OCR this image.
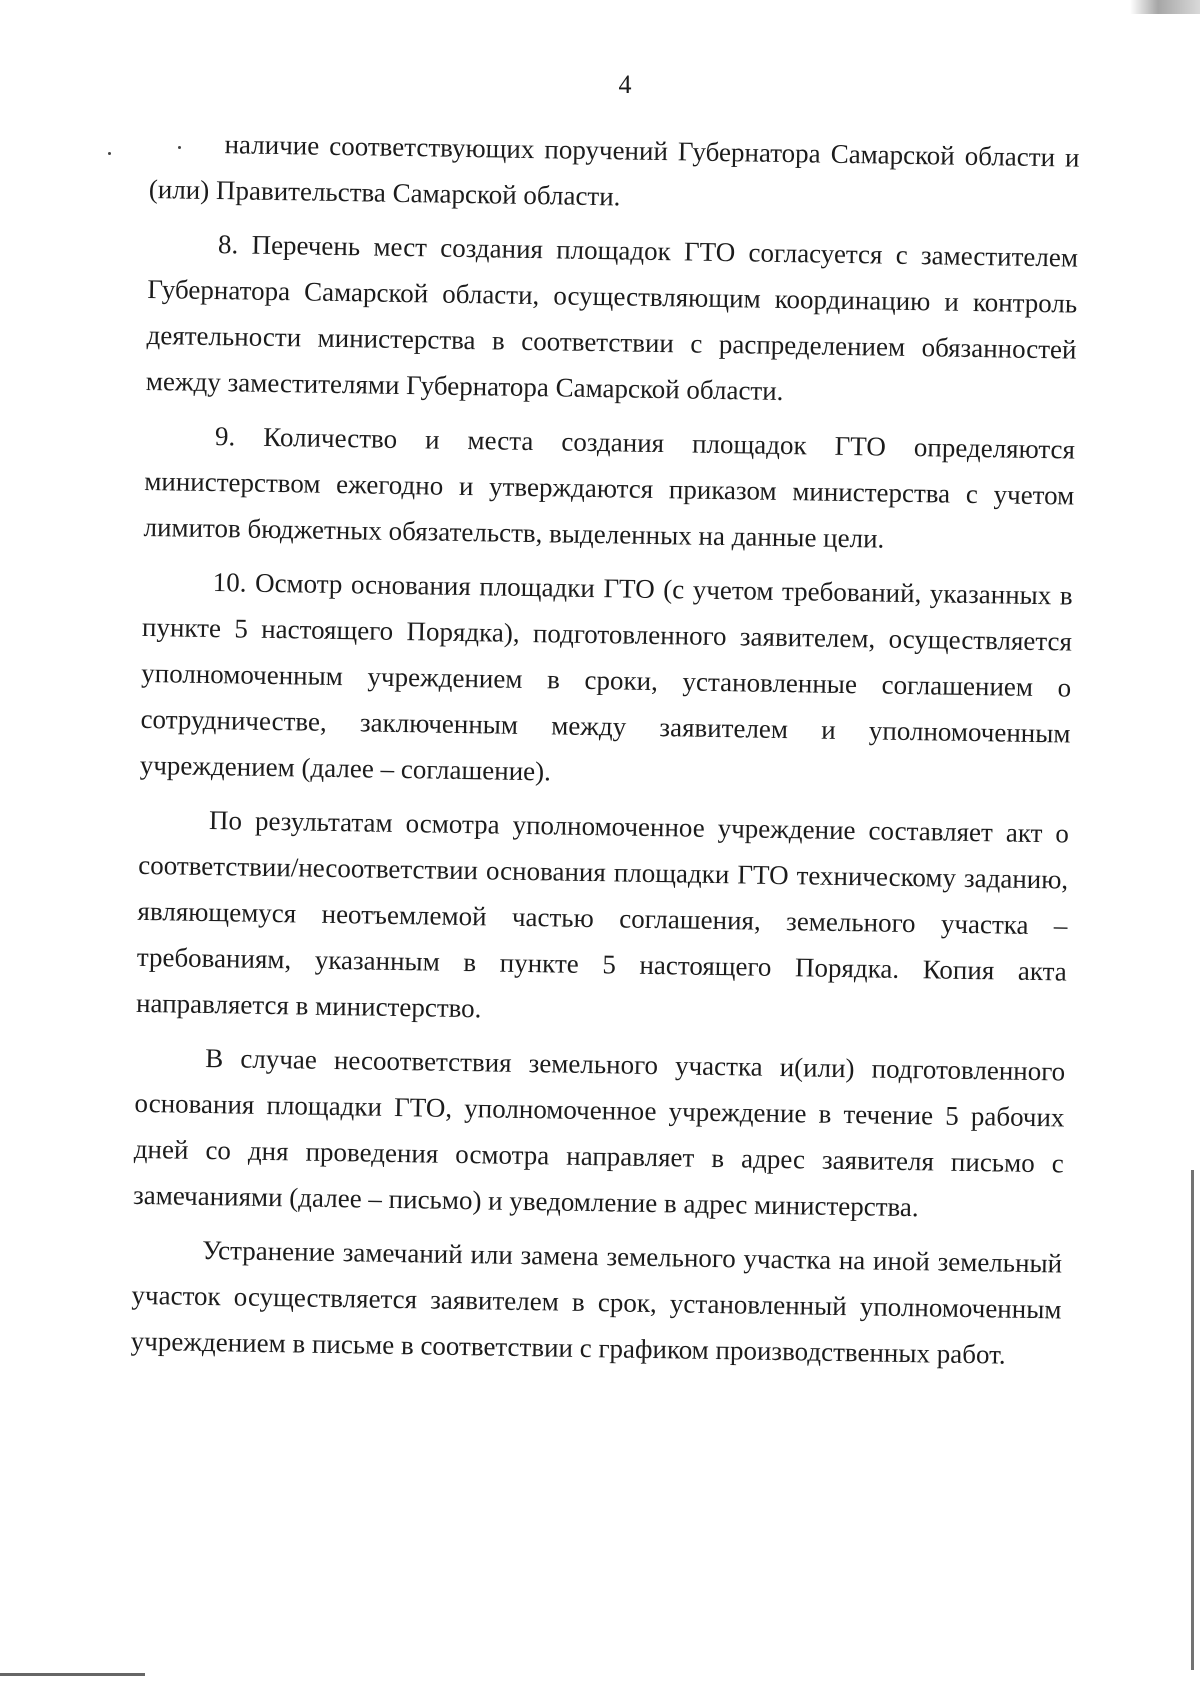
4

наличие соответствующих поручений Губернатора Самарской области и (или) Правительства Самарской области.

8. Перечень мест создания площадок ГТО согласуется с заместителем Губернатора Самарской области, осуществляющим координацию и контроль деятельности министерства в соответствии с распределением обязанностей между заместителями Губернатора Самарской области.

9. Количество и места создания площадок ГТО определяются министерством ежегодно и утверждаются приказом министерства с учетом лимитов бюджетных обязательств, выделенных на данные цели.

10. Осмотр основания площадки ГТО (с учетом требований, указанных в пункте 5 настоящего Порядка), подготовленного заявителем, осуществляется уполномоченным учреждением в сроки, установленные соглашением о сотрудничестве, заключенным между заявителем и уполномоченным учреждением (далее – соглашение).

По результатам осмотра уполномоченное учреждение составляет акт о соответствии/несоответствии основания площадки ГТО техническому заданию, являющемуся неотъемлемой частью соглашения, земельного участка – требованиям, указанным в пункте 5 настоящего Порядка. Копия акта направляется в министерство.

В случае несоответствия земельного участка и(или) подготовленного основания площадки ГТО, уполномоченное учреждение в течение 5 рабочих дней со дня проведения осмотра направляет в адрес заявителя письмо с замечаниями (далее – письмо) и уведомление в адрес министерства.

Устранение замечаний или замена земельного участка на иной земельный участок осуществляется заявителем в срок, установленный уполномоченным учреждением в письме в соответствии с графиком производственных работ.
